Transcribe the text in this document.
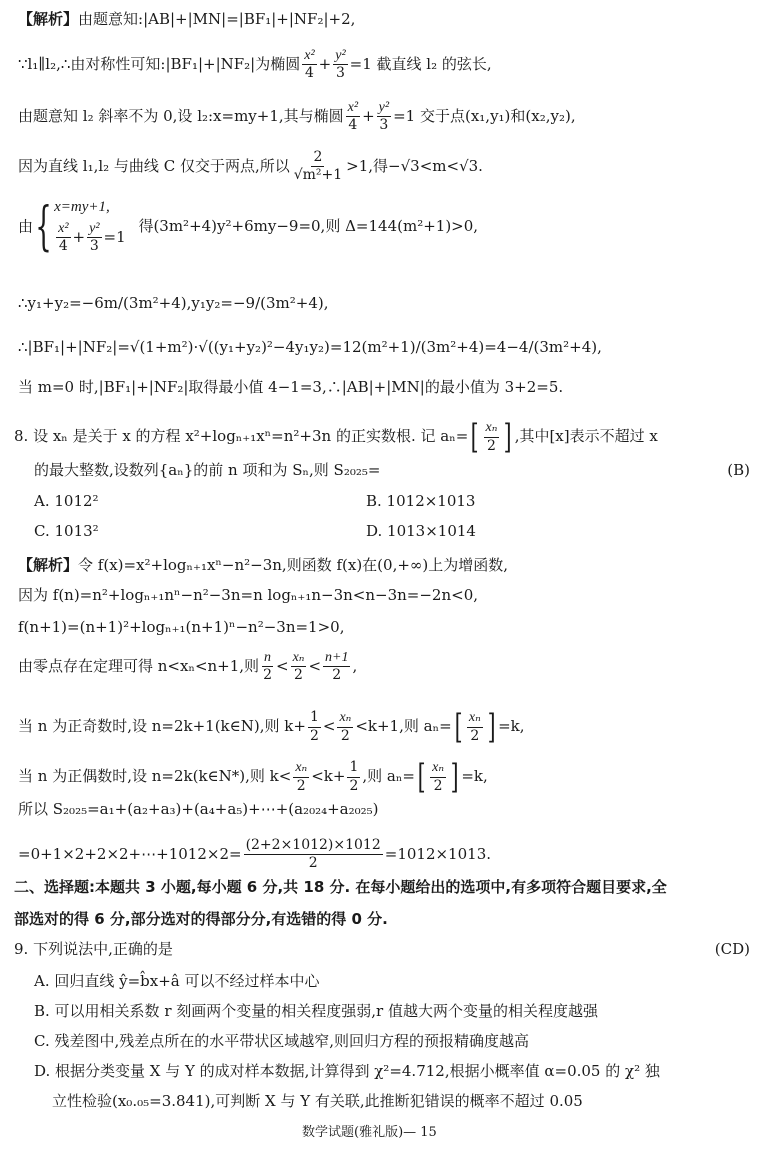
【解析】由题意知:|AB|+|MN|=|BF₁|+|NF₂|+2,
∵l₁∥l₂,∴由对称性可知:|BF₁|+|NF₂|为椭圆 $\frac{\text{x²}}{4} + \frac{\text{y²}}{3} =1$ 截直线 l₂ 的弦长,
由题意知 l₂ 斜率不为 0,设 l₂:x=my+1,其与椭圆 $\frac{\text{x²}}{4} + \frac{\text{y²}}{3} =1$ 交于点(x₁,y₁)和(x₂,y₂),
因为直线 l₁,l₂ 与曲线 C 仅交于两点,所以 $\frac{2}{\text{√m²+1}} >1$,得−√3<m<√3.
由{ x=my+1,
$\frac{\text{x²}}{4} + \frac{\text{y²}}{3} =1$
得(3m²+4)y²+6my−9=0,则 Δ=144(m²+1)>0,
∴y₁+y₂=−6m/(3m²+4),y₁y₂=−9/(3m²+4),
∴|BF₁|+|NF₂|=√(1+m²)·√((y₁+y₂)²−4y₁y₂)=12(m²+1)/(3m²+4)=4−4/(3m²+4),
当 m=0 时,|BF₁|+|NF₂|取得最小值 4−1=3,∴|AB|+|MN|的最小值为 3+2=5.
8. 设 xₙ 是关于 x 的方程 x²+logₙ₊₁xⁿ=n²+3n 的正实数根. 记 aₙ= [ $\frac{\text{xₙ}}{2}$ ] ,其中[x]表示不超过 x
的最大整数,设数列{aₙ}的前 n 项和为 Sₙ,则 S₂₀₂₅=	(B)
A. 1012²	B. 1012×1013
C. 1013²	D. 1013×1014
【解析】令 f(x)=x²+logₙ₊₁xⁿ−n²−3n,则函数 f(x)在(0,+∞)上为增函数,
因为 f(n)=n²+logₙ₊₁nⁿ−n²−3n=n logₙ₊₁n−3n<n−3n=−2n<0,
f(n+1)=(n+1)²+logₙ₊₁(n+1)ⁿ−n²−3n=1>0,
由零点存在定理可得 n<xₙ<n+1,则 $\frac{n}{2} < \frac{\text{xₙ}}{2} < \frac{n+1}{2}$ ,
当 n 为正奇数时,设 n=2k+1(k∈N),则 $k+ \frac{1}{2} < \frac{\text{xₙ}}{2} <k+1$,则 aₙ= [ $\frac{\text{xₙ}}{2}$ ] =k,
当 n 为正偶数时,设 n=2k(k∈N*),则 $k< \frac{\text{xₙ}}{2} <k+ \frac{1}{2}$ ,则 aₙ= [ $\frac{\text{xₙ}}{2}$ ] =k,
所以 S₂₀₂₅=a₁+(a₂+a₃)+(a₄+a₅)+⋯+(a₂₀₂₄+a₂₀₂₅)
=0+1×2+2×2+⋯+1012×2= $\frac{(2+2\times 1012)\times 1012}{2} =1012\times 1013$.
二、选择题:本题共 3 小题,每小题 6 分,共 18 分. 在每小题给出的选项中,有多项符合题目要求,全
部选对的得 6 分,部分选对的得部分分,有选错的得 0 分.
9. 下列说法中,正确的是	(CD)
A. 回归直线 ŷ=b̂x+â 可以不经过样本中心
B. 可以用相关系数 r 刻画两个变量的相关程度强弱,r 值越大两个变量的相关程度越强
C. 残差图中,残差点所在的水平带状区域越窄,则回归方程的预报精确度越高
D. 根据分类变量 X 与 Y 的成对样本数据,计算得到 χ²=4.712,根据小概率值 α=0.05 的 χ² 独
立性检验(x₀.₀₅=3.841),可判断 X 与 Y 有关联,此推断犯错误的概率不超过 0.05
数学试题(雅礼版)— 15
